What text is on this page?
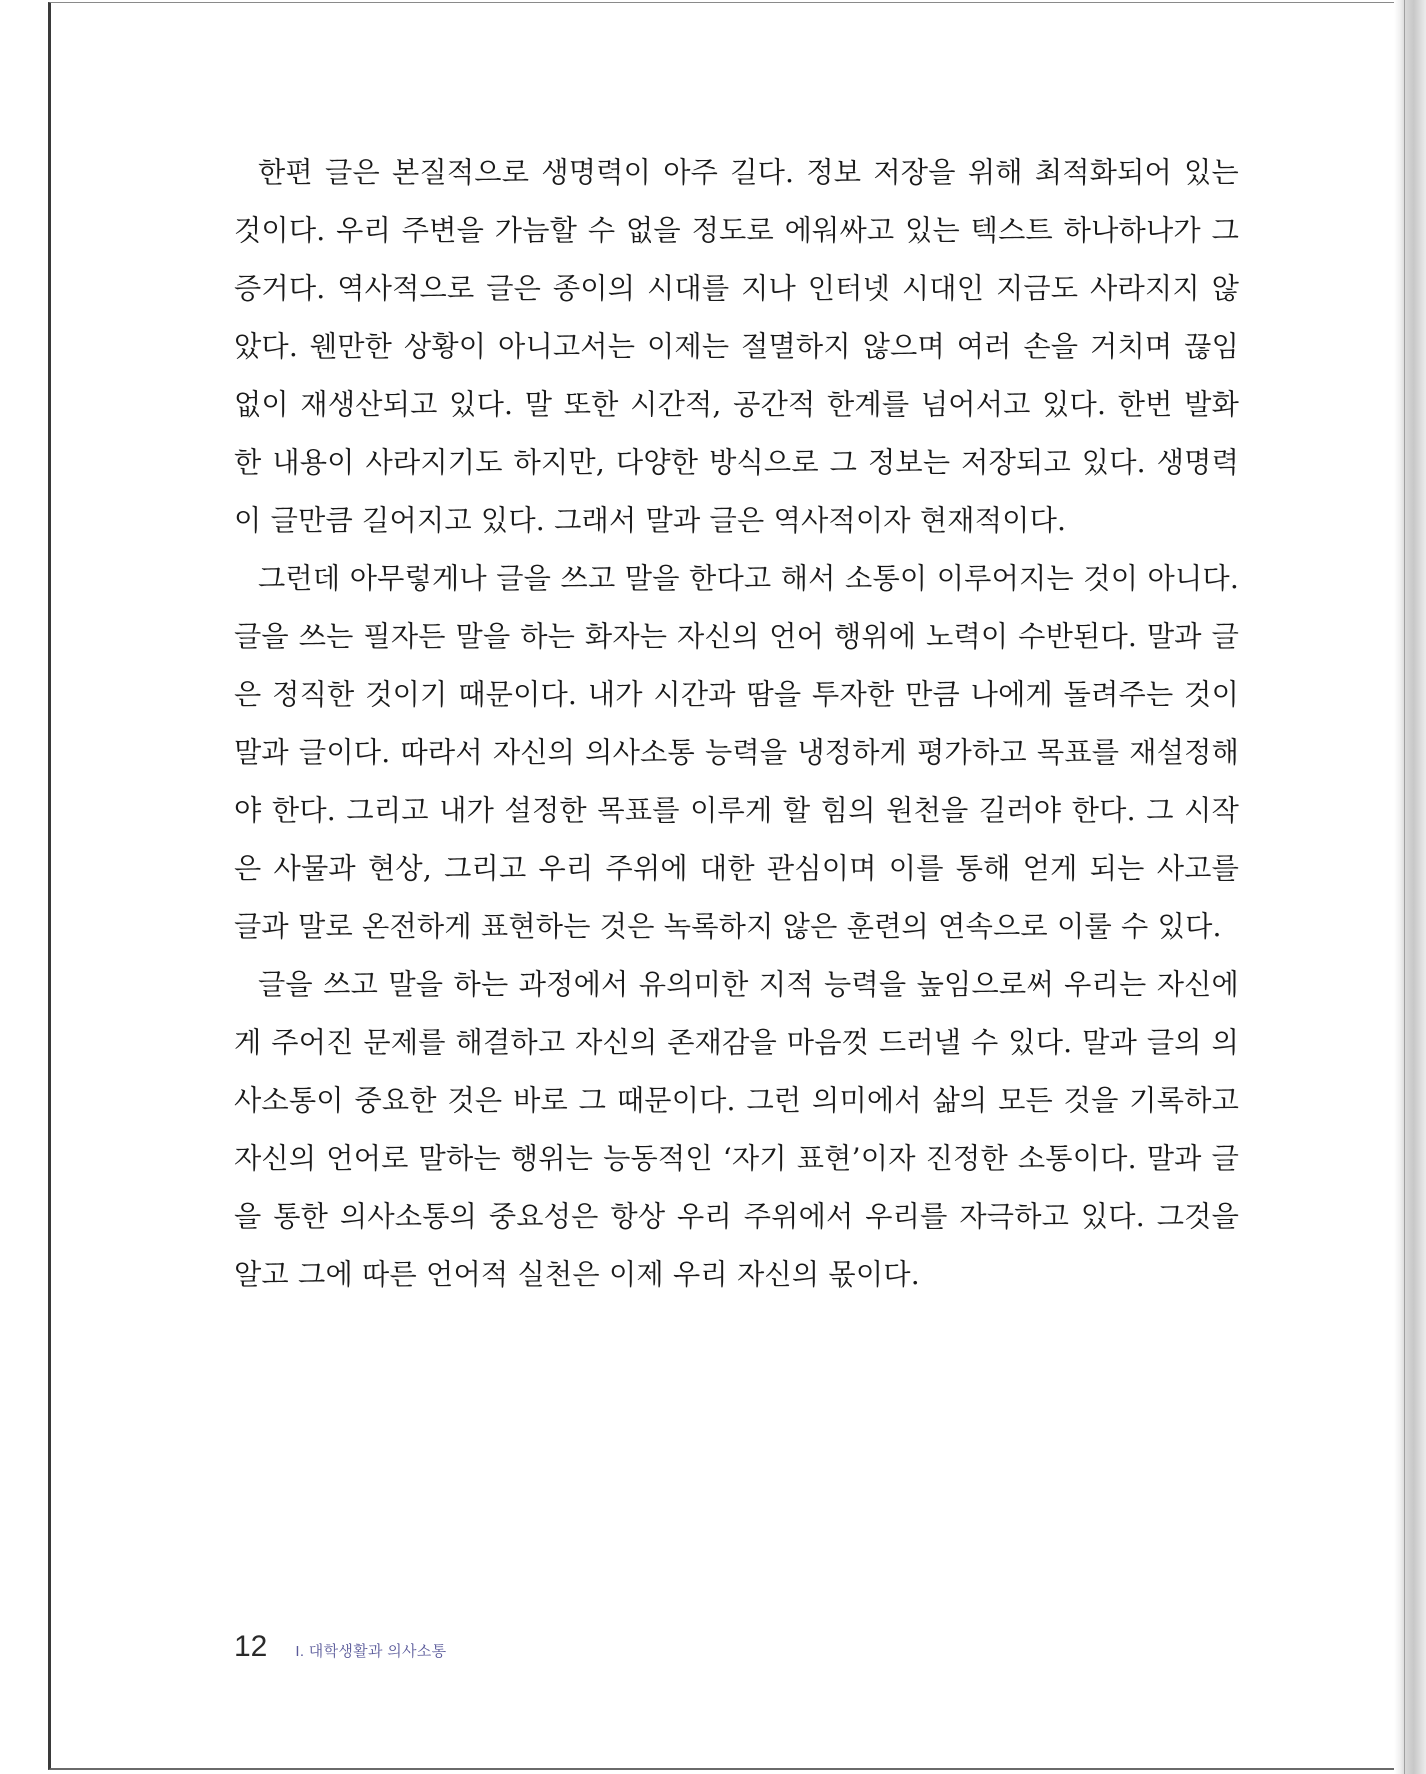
한편 글은 본질적으로 생명력이 아주 길다. 정보 저장을 위해 최적화되어 있는 것이다. 우리 주변을 가늠할 수 없을 정도로 에워싸고 있는 텍스트 하나하나가 그 증거다. 역사적으로 글은 종이의 시대를 지나 인터넷 시대인 지금도 사라지지 않았다. 웬만한 상황이 아니고서는 이제는 절멸하지 않으며 여러 손을 거치며 끊임없이 재생산되고 있다. 말 또한 시간적, 공간적 한계를 넘어서고 있다. 한번 발화한 내용이 사라지기도 하지만, 다양한 방식으로 그 정보는 저장되고 있다. 생명력이 글만큼 길어지고 있다. 그래서 말과 글은 역사적이자 현재적이다.

그런데 아무렇게나 글을 쓰고 말을 한다고 해서 소통이 이루어지는 것이 아니다. 글을 쓰는 필자든 말을 하는 화자는 자신의 언어 행위에 노력이 수반된다. 말과 글은 정직한 것이기 때문이다. 내가 시간과 땀을 투자한 만큼 나에게 돌려주는 것이 말과 글이다. 따라서 자신의 의사소통 능력을 냉정하게 평가하고 목표를 재설정해야 한다. 그리고 내가 설정한 목표를 이루게 할 힘의 원천을 길러야 한다. 그 시작은 사물과 현상, 그리고 우리 주위에 대한 관심이며 이를 통해 얻게 되는 사고를 글과 말로 온전하게 표현하는 것은 녹록하지 않은 훈련의 연속으로 이룰 수 있다.

글을 쓰고 말을 하는 과정에서 유의미한 지적 능력을 높임으로써 우리는 자신에게 주어진 문제를 해결하고 자신의 존재감을 마음껏 드러낼 수 있다. 말과 글의 의사소통이 중요한 것은 바로 그 때문이다. 그런 의미에서 삶의 모든 것을 기록하고 자신의 언어로 말하는 행위는 능동적인 ‘자기 표현’이자 진정한 소통이다. 말과 글을 통한 의사소통의 중요성은 항상 우리 주위에서 우리를 자극하고 있다. 그것을 알고 그에 따른 언어적 실천은 이제 우리 자신의 몫이다.

12 I. 대학생활과 의사소통
